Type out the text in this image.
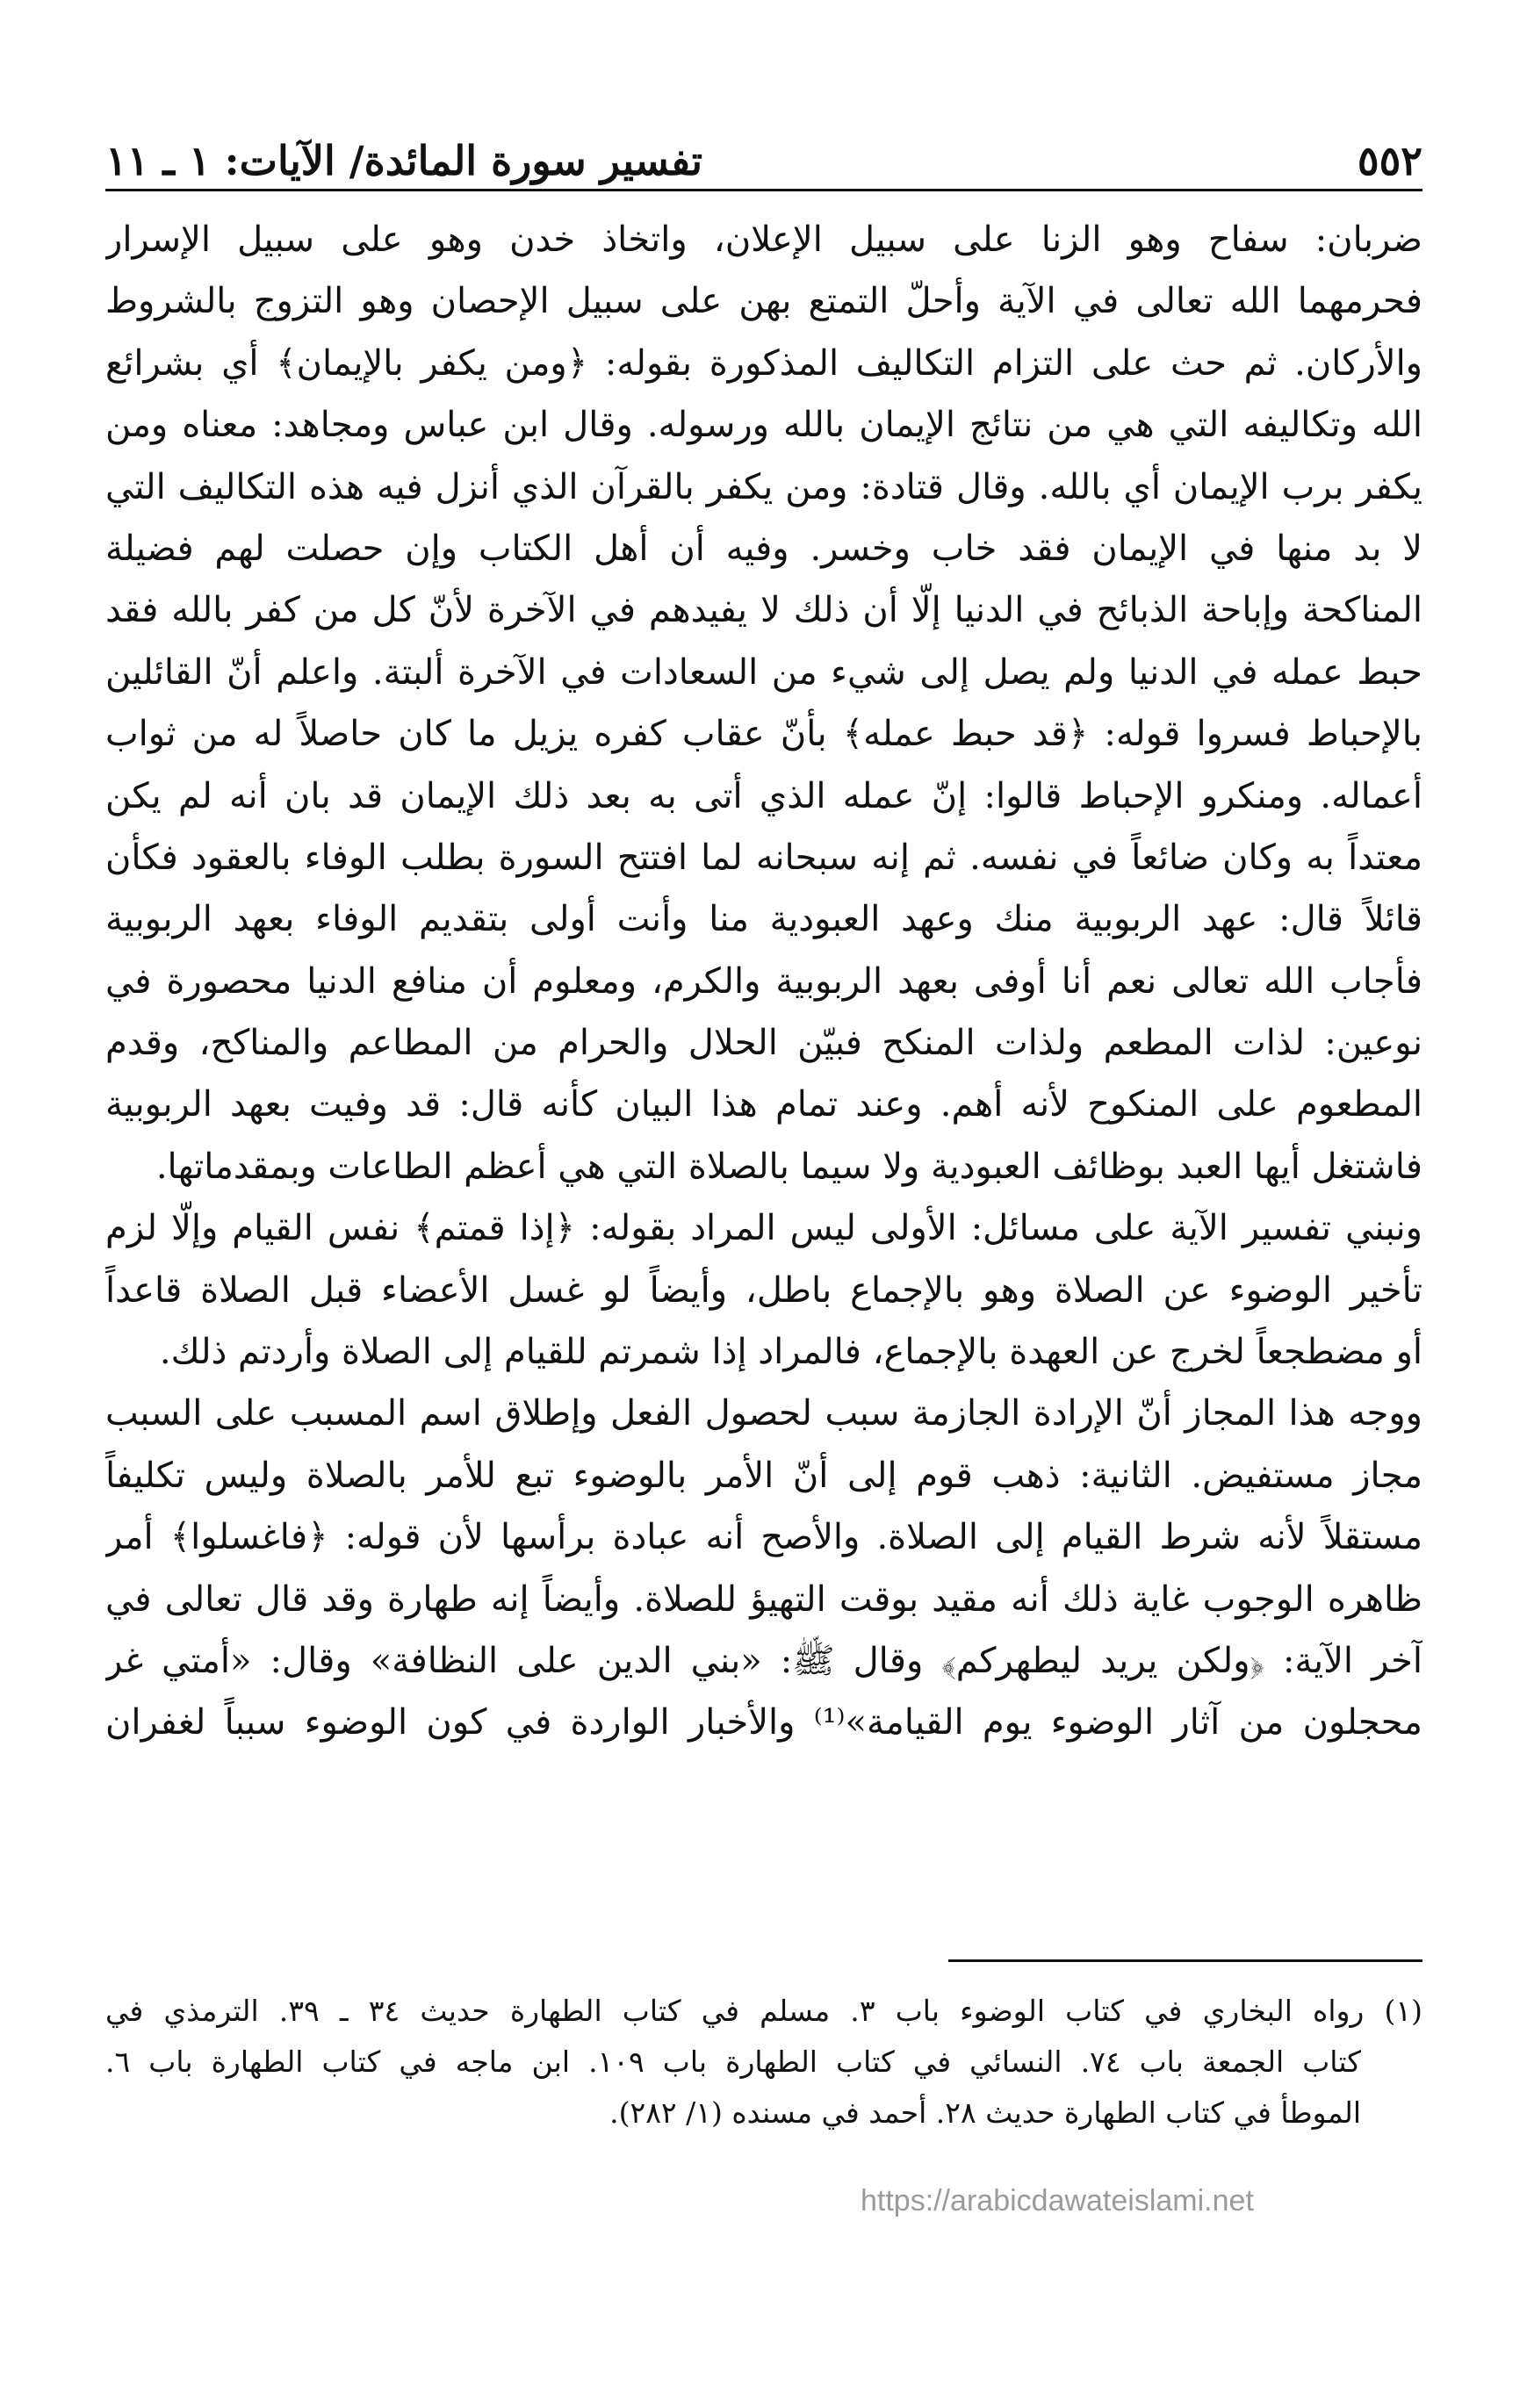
٥٥٢
تفسير سورة المائدة/ الآيات: ١ ـ ١١
ضربان: سفاح وهو الزنا على سبيل الإعلان، واتخاذ خدن وهو على سبيل الإسرار
فحرمهما الله تعالى في الآية وأحلّ التمتع بهن على سبيل الإحصان وهو التزوج بالشروط
والأركان. ثم حث على التزام التكاليف المذكورة بقوله: ﴿ومن يكفر بالإيمان﴾ أي بشرائع
الله وتكاليفه التي هي من نتائج الإيمان بالله ورسوله. وقال ابن عباس ومجاهد: معناه ومن
يكفر برب الإيمان أي بالله. وقال قتادة: ومن يكفر بالقرآن الذي أنزل فيه هذه التكاليف التي
لا بد منها في الإيمان فقد خاب وخسر. وفيه أن أهل الكتاب وإن حصلت لهم فضيلة
المناكحة وإباحة الذبائح في الدنيا إلّا أن ذلك لا يفيدهم في الآخرة لأنّ كل من كفر بالله فقد
حبط عمله في الدنيا ولم يصل إلى شيء من السعادات في الآخرة ألبتة. واعلم أنّ القائلين
بالإحباط فسروا قوله: ﴿قد حبط عمله﴾ بأنّ عقاب كفره يزيل ما كان حاصلاً له من ثواب
أعماله. ومنكرو الإحباط قالوا: إنّ عمله الذي أتى به بعد ذلك الإيمان قد بان أنه لم يكن
معتداً به وكان ضائعاً في نفسه. ثم إنه سبحانه لما افتتح السورة بطلب الوفاء بالعقود فكأن
قائلاً قال: عهد الربوبية منك وعهد العبودية منا وأنت أولى بتقديم الوفاء بعهد الربوبية
فأجاب الله تعالى نعم أنا أوفى بعهد الربوبية والكرم، ومعلوم أن منافع الدنيا محصورة في
نوعين: لذات المطعم ولذات المنكح فبيّن الحلال والحرام من المطاعم والمناكح، وقدم
المطعوم على المنكوح لأنه أهم. وعند تمام هذا البيان كأنه قال: قد وفيت بعهد الربوبية
فاشتغل أيها العبد بوظائف العبودية ولا سيما بالصلاة التي هي أعظم الطاعات وبمقدماتها.
ونبني تفسير الآية على مسائل: الأولى ليس المراد بقوله: ﴿إذا قمتم﴾ نفس القيام وإلّا لزم
تأخير الوضوء عن الصلاة وهو بالإجماع باطل، وأيضاً لو غسل الأعضاء قبل الصلاة قاعداً
أو مضطجعاً لخرج عن العهدة بالإجماع، فالمراد إذا شمرتم للقيام إلى الصلاة وأردتم ذلك.
ووجه هذا المجاز أنّ الإرادة الجازمة سبب لحصول الفعل وإطلاق اسم المسبب على السبب
مجاز مستفيض. الثانية: ذهب قوم إلى أنّ الأمر بالوضوء تبع للأمر بالصلاة وليس تكليفاً
مستقلاً لأنه شرط القيام إلى الصلاة. والأصح أنه عبادة برأسها لأن قوله: ﴿فاغسلوا﴾ أمر
ظاهره الوجوب غاية ذلك أنه مقيد بوقت التهيؤ للصلاة. وأيضاً إنه طهارة وقد قال تعالى في
آخر الآية: ﴿ولكن يريد ليطهركم﴾ وقال ﷺ: «بني الدين على النظافة» وقال: «أمتي غر
محجلون من آثار الوضوء يوم القيامة»⁽¹⁾ والأخبار الواردة في كون الوضوء سبباً لغفران
(١) رواه البخاري في كتاب الوضوء باب ٣. مسلم في كتاب الطهارة حديث ٣٤ ـ ٣٩. الترمذي في
كتاب الجمعة باب ٧٤. النسائي في كتاب الطهارة باب ١٠٩. ابن ماجه في كتاب الطهارة باب ٦.
الموطأ في كتاب الطهارة حديث ٢٨. أحمد في مسنده (١/ ٢٨٢).
https://arabicdawateislami.net
